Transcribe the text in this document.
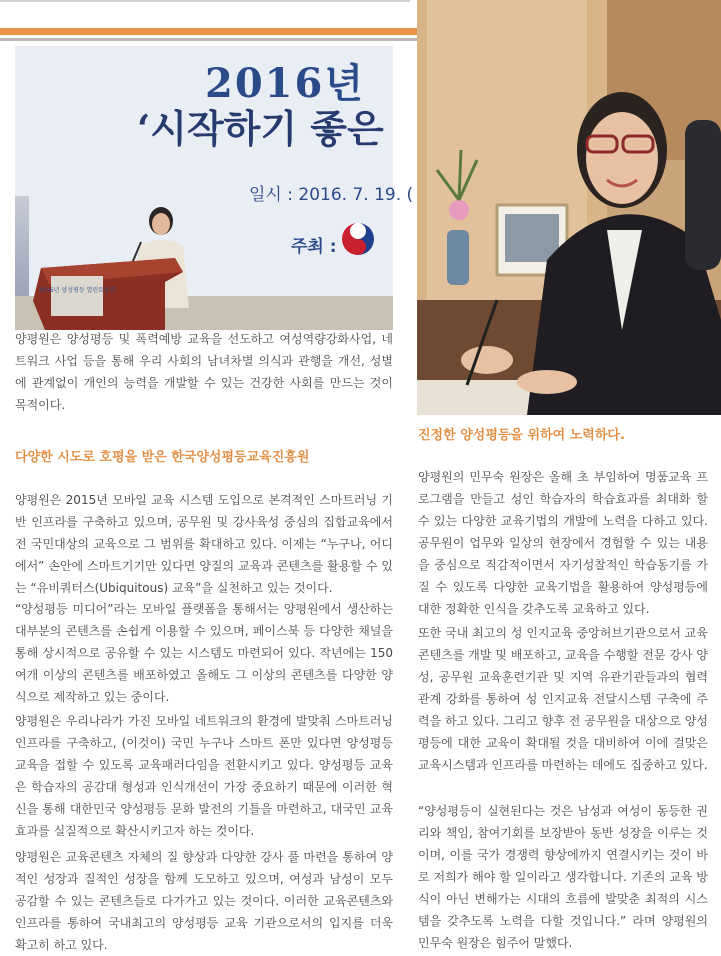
2016년
‘시작하기 좋은
일시 : 2016. 7. 19. (
주최 :
2016년 양성평등 열린토론회

양평원은 양성평등 및 폭력예방 교육을 선도하고 여성역량강화사업, 네트워크 사업 등을 통해 우리 사회의 남녀차별 의식과 관행을 개선, 성별에 관계없이 개인의 능력을 개발할 수 있는 건강한 사회를 만드는 것이 목적이다.

다양한 시도로 호평을 받은 한국양성평등교육진흥원

양평원은 2015년 모바일 교육 시스템 도입으로 본격적인 스마트러닝 기반 인프라를 구축하고 있으며, 공무원 및 강사육성 중심의 집합교육에서 전 국민대상의 교육으로 그 범위를 확대하고 있다. 이제는 “누구나, 어디에서” 손안에 스마트기기만 있다면 양질의 교육과 콘텐츠를 활용할 수 있는 “유비쿼터스(Ubiquitous) 교육”을 실천하고 있는 것이다.

“양성평등 미디어”라는 모바일 플랫폼을 통해서는 양평원에서 생산하는 대부분의 콘텐츠를 손쉽게 이용할 수 있으며, 페이스북 등 다양한 채널을 통해 상시적으로 공유할 수 있는 시스템도 마련되어 있다. 작년에는 150여개 이상의 콘텐츠를 배포하였고 올해도 그 이상의 콘텐츠를 다양한 양식으로 제작하고 있는 중이다.

양평원은 우리나라가 가진 모바일 네트워크의 환경에 발맞춰 스마트러닝 인프라를 구축하고, (이것이) 국민 누구나 스마트 폰만 있다면 양성평등 교육을 접할 수 있도록 교육패러다임을 전환시키고 있다. 양성평등 교육은 학습자의 공감대 형성과 인식개선이 가장 중요하기 때문에 이러한 혁신을 통해 대한민국 양성평등 문화 발전의 기틀을 마련하고, 대국민 교육 효과를 실질적으로 확산시키고자 하는 것이다.

양평원은 교육콘텐츠 자체의 질 향상과 다양한 강사 풀 마련을 통하여 양적인 성장과 질적인 성장을 함께 도모하고 있으며, 여성과 남성이 모두 공감할 수 있는 콘텐츠들로 다가가고 있는 것이다. 이러한 교육콘텐츠와 인프라를 통하여 국내최고의 양성평등 교육 기관으로서의 입지를 더욱 확고히 하고 있다.

진정한 양성평등을 위하여 노력하다.

양평원의 민무숙 원장은 올해 초 부임하여 명품교육 프로그램을 만들고 성인 학습자의 학습효과를 최대화 할 수 있는 다양한 교육기법의 개발에 노력을 다하고 있다. 공무원이 업무와 일상의 현장에서 경험할 수 있는 내용을 중심으로 직감적이면서 자기성찰적인 학습동기를 가질 수 있도록 다양한 교육기법을 활용하여 양성평등에 대한 정확한 인식을 갖추도록 교육하고 있다.

또한 국내 최고의 성 인지교육 중앙허브기관으로서 교육콘텐츠를 개발 및 배포하고, 교육을 수행할 전문 강사 양성, 공무원 교육훈련기관 및 지역 유관기관들과의 협력관계 강화를 통하여 성 인지교육 전달시스템 구축에 주력을 하고 있다. 그리고 향후 전 공무원을 대상으로 양성평등에 대한 교육이 확대될 것을 대비하여 이에 걸맞은 교육시스템과 인프라를 마련하는 데에도 집중하고 있다.

“양성평등이 실현된다는 것은 남성과 여성이 동등한 권리와 책임, 참여기회를 보장받아 동반 성장을 이루는 것이며, 이를 국가 경쟁력 향상에까지 연결시키는 것이 바로 저희가 해야 할 일이라고 생각합니다. 기존의 교육 방식이 아닌 변해가는 시대의 흐름에 발맞춘 최적의 시스템을 갖추도록 노력을 다할 것입니다.” 라며 양평원의 민무숙 원장은 힘주어 말했다.
